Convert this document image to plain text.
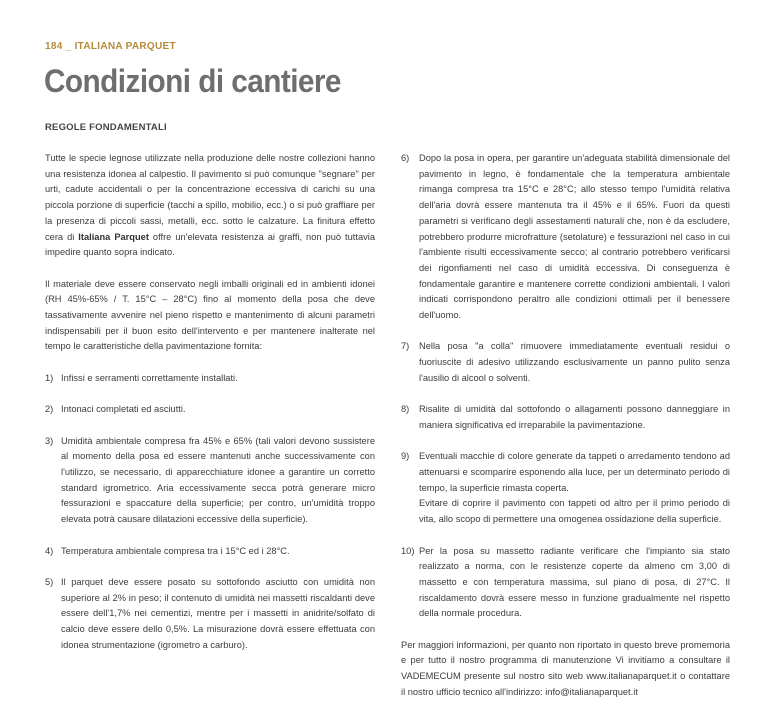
184 _ ITALIANA PARQUET
Condizioni di cantiere
REGOLE FONDAMENTALI

Tutte le specie legnose utilizzate nella produzione delle nostre collezioni hanno una resistenza idonea al calpestio. Il pavimento si può comunque "segnare" per urti, cadute accidentali o per la concentrazione eccessiva di carichi su una piccola porzione di superficie (tacchi a spillo, mobilio, ecc.) o si può graffiare per la presenza di piccoli sassi, metalli, ecc. sotto le calzature. La finitura effetto cera di Italiana Parquet offre un'elevata resistenza ai graffi, non può tuttavia impedire quanto sopra indicato.

Il materiale deve essere conservato negli imballi originali ed in ambienti idonei (RH 45%-65% / T. 15°C – 28°C) fino al momento della posa che deve tassativamente avvenire nel pieno rispetto e mantenimento di alcuni parametri indispensabili per il buon esito dell'intervento e per mantenere inalterate nel tempo le caratteristiche della pavimentazione fornita:

1) Infissi e serramenti correttamente installati.
2) Intonaci completati ed asciutti.
3) Umidità ambientale compresa fra 45% e 65% (tali valori devono sussistere al momento della posa ed essere mantenuti anche successivamente con l'utilizzo, se necessario, di apparecchiature idonee a garantire un corretto standard igrometrico. Aria eccessivamente secca potrà generare micro fessurazioni e spaccature della superficie; per contro, un'umidità troppo elevata potrà causare dilatazioni eccessive della superficie).
4) Temperatura ambientale compresa tra i 15°C ed i 28°C.
5) Il parquet deve essere posato su sottofondo asciutto con umidità non superiore al 2% in peso; il contenuto di umidità nei massetti riscaldanti deve essere dell'1,7% nei cementizi, mentre per i massetti in anidrite/solfato di calcio deve essere dello 0,5%. La misurazione dovrà essere effettuata con idonea strumentazione (igrometro a carburo).
6)	Dopo la posa in opera, per garantire un'adeguata stabilità dimensionale del pavimento in legno, è fondamentale che la temperatura ambientale rimanga compresa tra 15°C e 28°C; allo stesso tempo l'umidità relativa dell'aria dovrà essere mantenuta tra il 45% e il 65%. Fuori da questi parametri si verificano degli assestamenti naturali che, non è da escludere, potrebbero produrre microfratture (setolature) e fessurazioni nel caso in cui l'ambiente risulti eccessivamente secco; al contrario potrebbero verificarsi dei rigonfiamenti nel caso di umidità eccessiva. Di conseguenza è fondamentale garantire e mantenere corrette condizioni ambientali. I valori indicati corrispondono peraltro alle condizioni ottimali per il benessere dell'uomo.
7)	Nella posa "a colla" rimuovere immediatamente eventuali residui o fuoriuscite di adesivo utilizzando esclusivamente un panno pulito senza l'ausilio di alcool o solventi.
8)	Risalite di umidità dal sottofondo o allagamenti possono danneggiare in maniera significativa ed irreparabile la pavimentazione.
9)	Eventuali macchie di colore generate da tappeti o arredamento tendono ad attenuarsi e scomparire esponendo alla luce, per un determinato periodo di tempo, la superficie rimasta coperta.
Evitare di coprire il pavimento con tappeti od altro per il primo periodo di vita, allo scopo di permettere una omogenea ossidazione della superficie.
10) Per la posa su massetto radiante verificare che l'impianto sia stato realizzato a norma, con le resistenze coperte da almeno cm 3,00 di massetto e con temperatura massima, sul piano di posa, di 27°C. Il riscaldamento dovrà essere messo in funzione gradualmente nel rispetto della normale procedura.

Per maggiori informazioni, per quanto non riportato in questo breve promemoria e per tutto il nostro programma di manutenzione Vi invitiamo a consultare il VADEMECUM presente sul nostro sito web www.italianaparquet.it o contattare il nostro ufficio tecnico all'indirizzo: info@italianaparquet.it
